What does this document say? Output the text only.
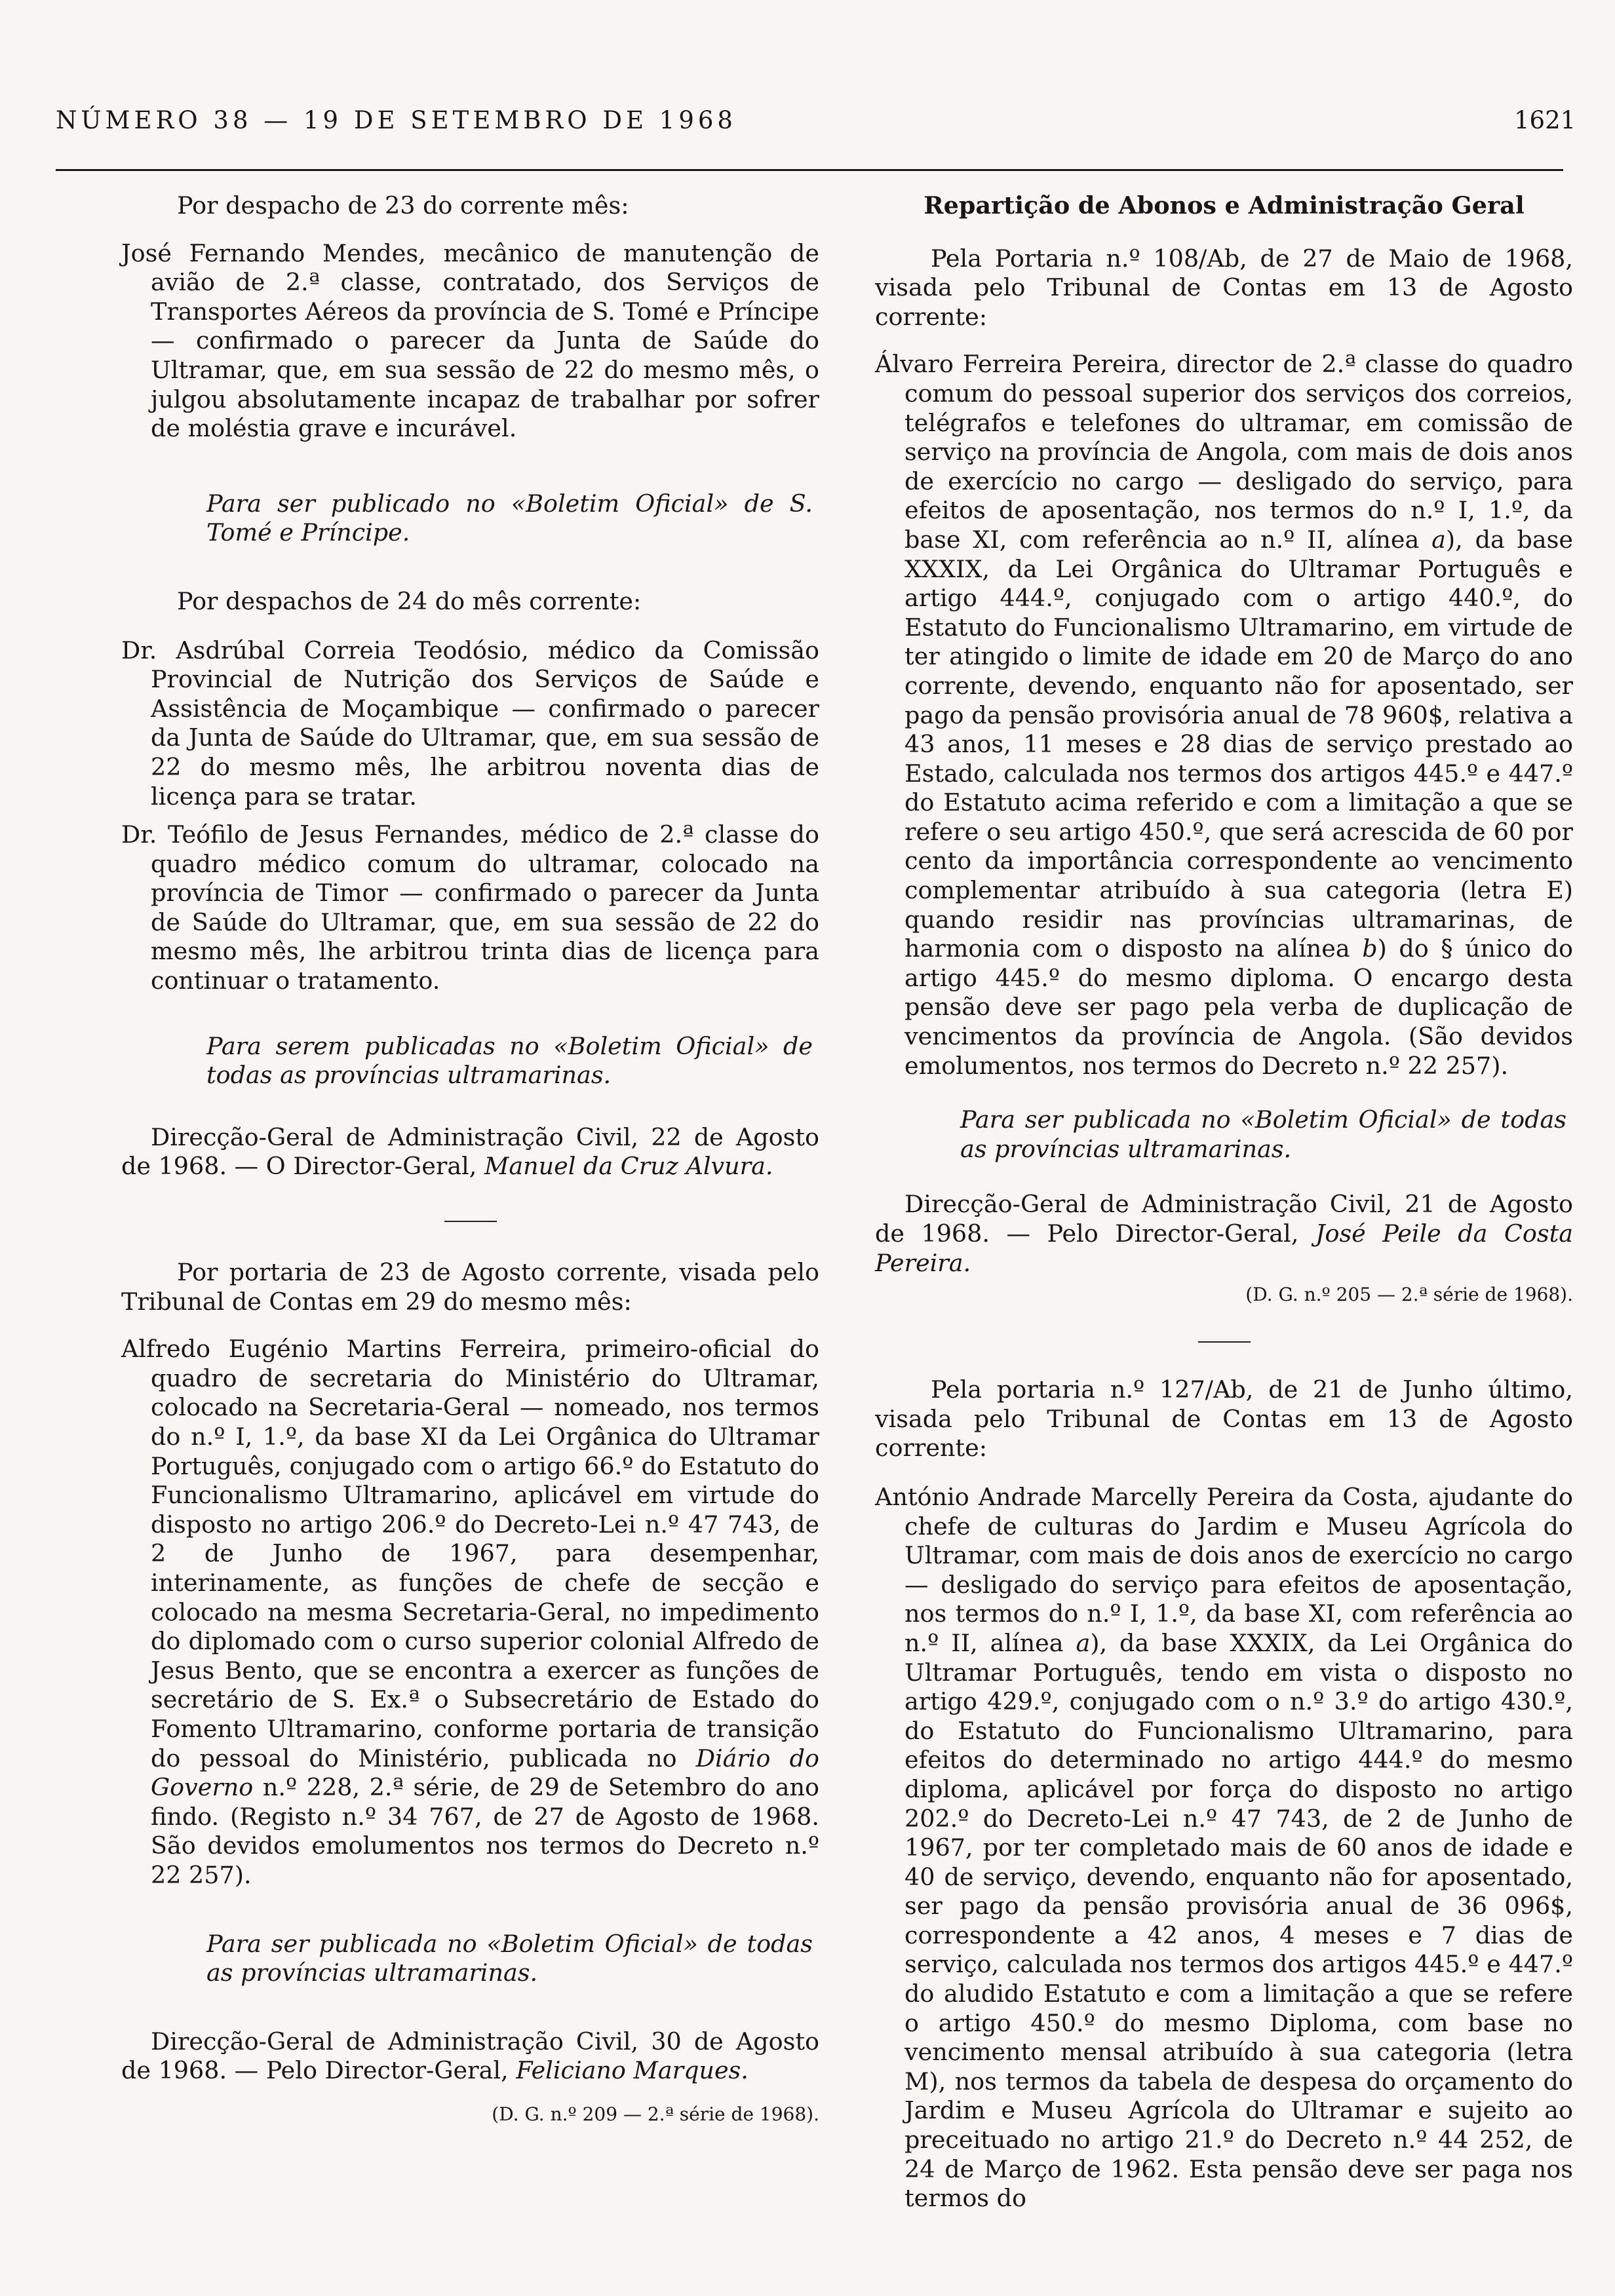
NÚMERO 38 — 19 DE SETEMBRO DE 1968	1621

Por despacho de 23 do corrente mês:

José Fernando Mendes, mecânico de manutenção de avião de 2.ª classe, contratado, dos Serviços de Transportes Aéreos da província de S. Tomé e Príncipe — confirmado o parecer da Junta de Saúde do Ultramar, que, em sua sessão de 22 do mesmo mês, o julgou absolutamente incapaz de trabalhar por sofrer de moléstia grave e incurável.

Para ser publicado no «Boletim Oficial» de S. Tomé e Príncipe.

Por despachos de 24 do mês corrente:

Dr. Asdrúbal Correia Teodósio, médico da Comissão Provincial de Nutrição dos Serviços de Saúde e Assistência de Moçambique — confirmado o parecer da Junta de Saúde do Ultramar, que, em sua sessão de 22 do mesmo mês, lhe arbitrou noventa dias de licença para se tratar.

Dr. Teófilo de Jesus Fernandes, médico de 2.ª classe do quadro médico comum do ultramar, colocado na província de Timor — confirmado o parecer da Junta de Saúde do Ultramar, que, em sua sessão de 22 do mesmo mês, lhe arbitrou trinta dias de licença para continuar o tratamento.

Para serem publicadas no «Boletim Oficial» de todas as províncias ultramarinas.

Direcção-Geral de Administração Civil, 22 de Agosto de 1968. — O Director-Geral, Manuel da Cruz Alvura.

Por portaria de 23 de Agosto corrente, visada pelo Tribunal de Contas em 29 do mesmo mês:

Alfredo Eugénio Martins Ferreira, primeiro-oficial do quadro de secretaria do Ministério do Ultramar, colocado na Secretaria-Geral — nomeado, nos termos do n.º I, 1.º, da base XI da Lei Orgânica do Ultramar Português, conjugado com o artigo 66.º do Estatuto do Funcionalismo Ultramarino, aplicável em virtude do disposto no artigo 206.º do Decreto-Lei n.º 47 743, de 2 de Junho de 1967, para desempenhar, interinamente, as funções de chefe de secção e colocado na mesma Secretaria-Geral, no impedimento do diplomado com o curso superior colonial Alfredo de Jesus Bento, que se encontra a exercer as funções de secretário de S. Ex.ª o Subsecretário de Estado do Fomento Ultramarino, conforme portaria de transição do pessoal do Ministério, publicada no Diário do Governo n.º 228, 2.ª série, de 29 de Setembro do ano findo. (Registo n.º 34 767, de 27 de Agosto de 1968. São devidos emolumentos nos termos do Decreto n.º 22 257).

Para ser publicada no «Boletim Oficial» de todas as províncias ultramarinas.

Direcção-Geral de Administração Civil, 30 de Agosto de 1968. — Pelo Director-Geral, Feliciano Marques.

(D. G. n.º 209 — 2.ª série de 1968).

Repartição de Abonos e Administração Geral

Pela Portaria n.º 108/Ab, de 27 de Maio de 1968, visada pelo Tribunal de Contas em 13 de Agosto corrente:

Álvaro Ferreira Pereira, director de 2.ª classe do quadro comum do pessoal superior dos serviços dos correios, telégrafos e telefones do ultramar, em comissão de serviço na província de Angola, com mais de dois anos de exercício no cargo — desligado do serviço, para efeitos de aposentação, nos termos do n.º I, 1.º, da base XI, com referência ao n.º II, alínea a), da base XXXIX, da Lei Orgânica do Ultramar Português e artigo 444.º, conjugado com o artigo 440.º, do Estatuto do Funcionalismo Ultramarino, em virtude de ter atingido o limite de idade em 20 de Março do ano corrente, devendo, enquanto não for aposentado, ser pago da pensão provisória anual de 78 960$, relativa a 43 anos, 11 meses e 28 dias de serviço prestado ao Estado, calculada nos termos dos artigos 445.º e 447.º do Estatuto acima referido e com a limitação a que se refere o seu artigo 450.º, que será acrescida de 60 por cento da importância correspondente ao vencimento complementar atribuído à sua categoria (letra E) quando residir nas províncias ultramarinas, de harmonia com o disposto na alínea b) do § único do artigo 445.º do mesmo diploma. O encargo desta pensão deve ser pago pela verba de duplicação de vencimentos da província de Angola. (São devidos emolumentos, nos termos do Decreto n.º 22 257).

Para ser publicada no «Boletim Oficial» de todas as províncias ultramarinas.

Direcção-Geral de Administração Civil, 21 de Agosto de 1968. — Pelo Director-Geral, José Peile da Costa Pereira.

(D. G. n.º 205 — 2.ª série de 1968).

Pela portaria n.º 127/Ab, de 21 de Junho último, visada pelo Tribunal de Contas em 13 de Agosto corrente:

António Andrade Marcelly Pereira da Costa, ajudante do chefe de culturas do Jardim e Museu Agrícola do Ultramar, com mais de dois anos de exercício no cargo — desligado do serviço para efeitos de aposentação, nos termos do n.º I, 1.º, da base XI, com referência ao n.º II, alínea a), da base XXXIX, da Lei Orgânica do Ultramar Português, tendo em vista o disposto no artigo 429.º, conjugado com o n.º 3.º do artigo 430.º, do Estatuto do Funcionalismo Ultramarino, para efeitos do determinado no artigo 444.º do mesmo diploma, aplicável por força do disposto no artigo 202.º do Decreto-Lei n.º 47 743, de 2 de Junho de 1967, por ter completado mais de 60 anos de idade e 40 de serviço, devendo, enquanto não for aposentado, ser pago da pensão provisória anual de 36 096$, correspondente a 42 anos, 4 meses e 7 dias de serviço, calculada nos termos dos artigos 445.º e 447.º do aludido Estatuto e com a limitação a que se refere o artigo 450.º do mesmo Diploma, com base no vencimento mensal atribuído à sua categoria (letra M), nos termos da tabela de despesa do orçamento do Jardim e Museu Agrícola do Ultramar e sujeito ao preceituado no artigo 21.º do Decreto n.º 44 252, de 24 de Março de 1962. Esta pensão deve ser paga nos termos do
